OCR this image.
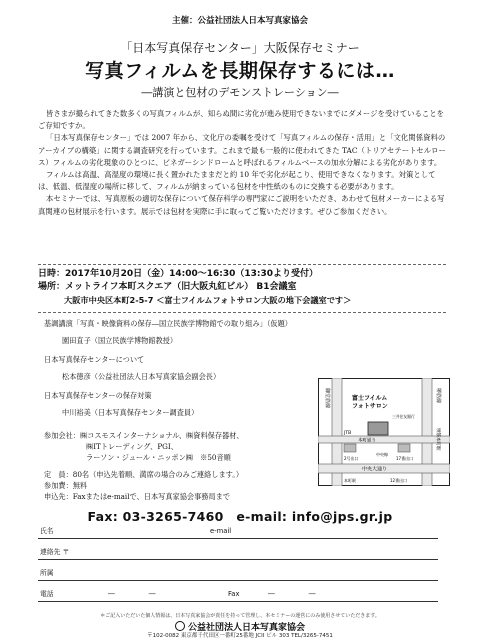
主催：公益社団法人日本写真家協会
「日本写真保存センター」大阪保存セミナー
写真フィルムを長期保存するには…
―講演と包材のデモンストレーション―

皆さまが撮られてきた数多くの写真フィルムが、知らぬ間に劣化が進み使用できないまでにダメージを受けていることをご存知ですか。

「日本写真保存センター」では 2007 年から、文化庁の委嘱を受けて「写真フィルムの保存・活用」と「文化関係資料のアーカイブの構築」に関する調査研究を行っています。これまで最も一般的に使われてきた TAC（トリアセテートセルロース）フィルムの劣化現象のひとつに、ビネガーシンドロームと呼ばれるフィルムベースの加水分解による劣化があります。

フィルムは高温、高湿度の環境に長く置かれたままだと約 10 年で劣化が起こり、使用できなくなります。対策としては、低温、低湿度の場所に移して、フィルムが納まっている包材を中性紙のものに交換する必要があります。

本セミナーでは、写真原板の適切な保存について保存科学の専門家にご説明をいただき、あわせて包材メーカーによる写真関連の包材展示を行います。展示では包材を実際に手に取ってご覧いただけます。ぜひご参加ください。

日時：2017年10月20日（金）14:00～16:30（13:30より受付）
場所：メットライフ本町スクエア（旧大阪丸紅ビル） B1会議室
大阪市中央区本町2-5-7 ＜富士フイルムフォトサロン大阪の地下会議室です＞
基調講演「写真・映像資料の保存―国立民族学博物館での取り組み」（仮題）
園田直子（国立民族学博物館教授）
日本写真保存センターについて
松本徳彦（公益社団法人日本写真家協会副会長）
日本写真保存センターの保存対策
中川裕美（日本写真保存センター調査員）
参加会社：㈱コスモスインターナショナル、㈱資料保存器材、
㈱ITトレーディング、PGI、
ラーソン・ジュール・ニッポン㈱　※50音順
定　員：80名（申込先着順、満席の場合のみご連絡します。）
参加費：無料
申込先：Faxまたはe-mailで、日本写真家協会事務局まで
御堂筋線	富士フイルム
フォトサロン
JTB
本町通り
2号出口	17番出口
中央大通り
本町駅	12番出口
堺筋線
堺筋本町駅
中央線
三井住友銀行
Fax: 03-3265-7460　e-mail: info@jps.gr.jp
氏名	e-mail
連絡先 〒
所属
電話	―　　　　　―	Fax	―　　　　　―
＊ご記入いただいた個人情報は、日本写真家協会が責任を持って管理し、本セミナーの運営にのみ使用させていただきます。
公益社団法人日本写真家協会
〒102-0082 東京都千代田区一番町25番地 JCII ビル 303 TEL/3265-7451
